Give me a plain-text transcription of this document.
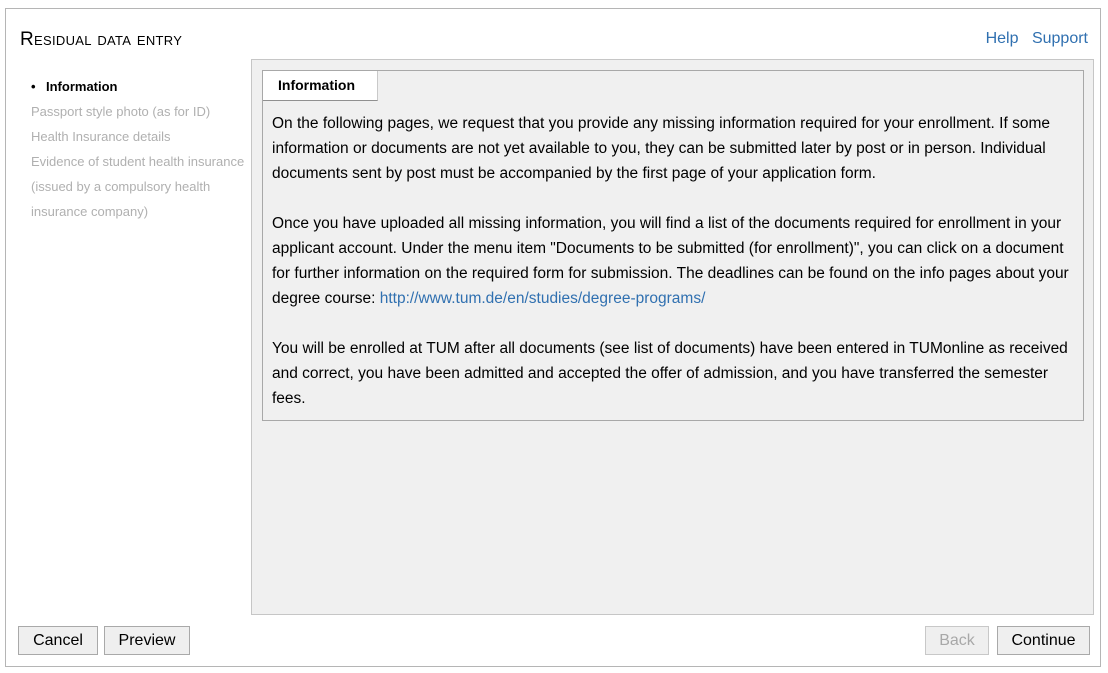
Residual data entry	Help Support
• Information
Passport style photo (as for ID)
Health Insurance details
Evidence of student health insurance (issued by a compulsory health insurance company)
Information

On the following pages, we request that you provide any missing information required for your enrollment. If some information or documents are not yet available to you, they can be submitted later by post or in person. Individual documents sent by post must be accompanied by the first page of your application form.

Once you have uploaded all missing information, you will find a list of the documents required for enrollment in your applicant account. Under the menu item "Documents to be submitted (for enrollment)", you can click on a document for further information on the required form for submission. The deadlines can be found on the info pages about your degree course: http://www.tum.de/en/studies/degree-programs/

You will be enrolled at TUM after all documents (see list of documents) have been entered in TUMonline as received and correct, you have been admitted and accepted the offer of admission, and you have transferred the semester fees.

Cancel	Preview	Back	Continue
